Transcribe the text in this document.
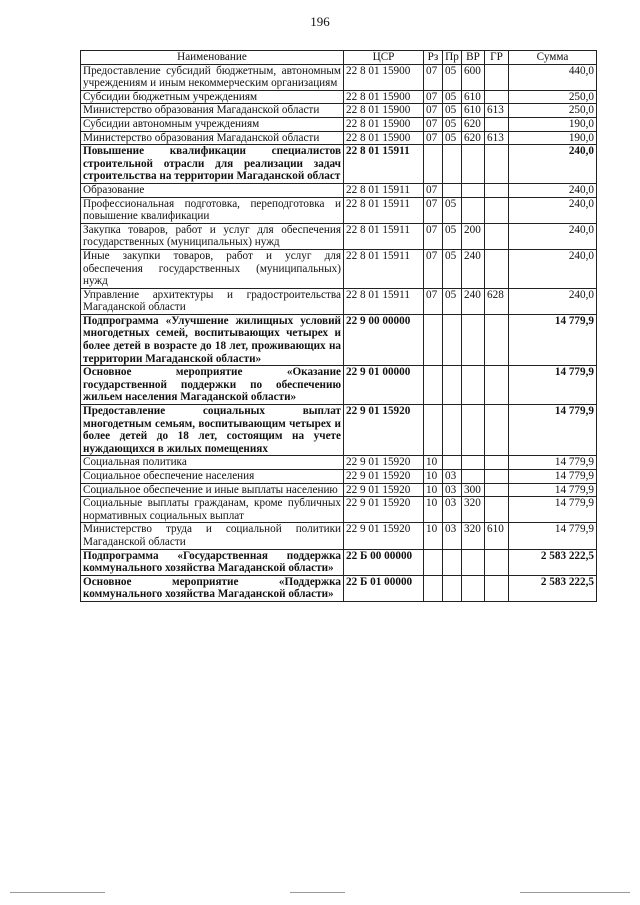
196
Наименование	ЦСР	Рз	Пр	ВР	ГР	Сумма
Предоставление субсидий бюджетным, автономным учреждениям и иным некоммерческим организациям	22 8 01 15900	07	05	600		440,0
Субсидии бюджетным учреждениям	22 8 01 15900	07	05	610		250,0
Министерство образования Магаданской области	22 8 01 15900	07	05	610	613	250,0
Субсидии автономным учреждениям	22 8 01 15900	07	05	620		190,0
Министерство образования Магаданской области	22 8 01 15900	07	05	620	613	190,0
Повышение квалификации специалистов строительной отрасли для реализации задач строительства на территории Магаданской област	22 8 01 15911					240,0
Образование	22 8 01 15911	07				240,0
Профессиональная подготовка, переподготовка и повышение квалификации	22 8 01 15911	07	05			240,0
Закупка товаров, работ и услуг для обеспечения государственных (муниципальных) нужд	22 8 01 15911	07	05	200		240,0
Иные закупки товаров, работ и услуг для обеспечения государственных (муниципальных) нужд	22 8 01 15911	07	05	240		240,0
Управление архитектуры и градостроительства Магаданской области	22 8 01 15911	07	05	240	628	240,0
Подпрограмма «Улучшение жилищных условий многодетных семей, воспитывающих четырех и более детей в возрасте до 18 лет, проживающих на территории Магаданской области»	22 9 00 00000					14 779,9
Основное мероприятие «Оказание государственной поддержки по обеспечению жильем населения Магаданской области»	22 9 01 00000					14 779,9
Предоставление социальных выплат многодетным семьям, воспитывающим четырех и более детей до 18 лет, состоящим на учете нуждающихся в жилых помещениях	22 9 01 15920					14 779,9
Социальная политика	22 9 01 15920	10				14 779,9
Социальное обеспечение населения	22 9 01 15920	10	03			14 779,9
Социальное обеспечение и иные выплаты населению	22 9 01 15920	10	03	300		14 779,9
Социальные выплаты гражданам, кроме публичных нормативных социальных выплат	22 9 01 15920	10	03	320		14 779,9
Министерство труда и социальной политики Магаданской области	22 9 01 15920	10	03	320	610	14 779,9
Подпрограмма «Государственная поддержка коммунального хозяйства Магаданской области»	22 Б 00 00000					2 583 222,5
Основное мероприятие «Поддержка коммунального хозяйства Магаданской области»	22 Б 01 00000					2 583 222,5
